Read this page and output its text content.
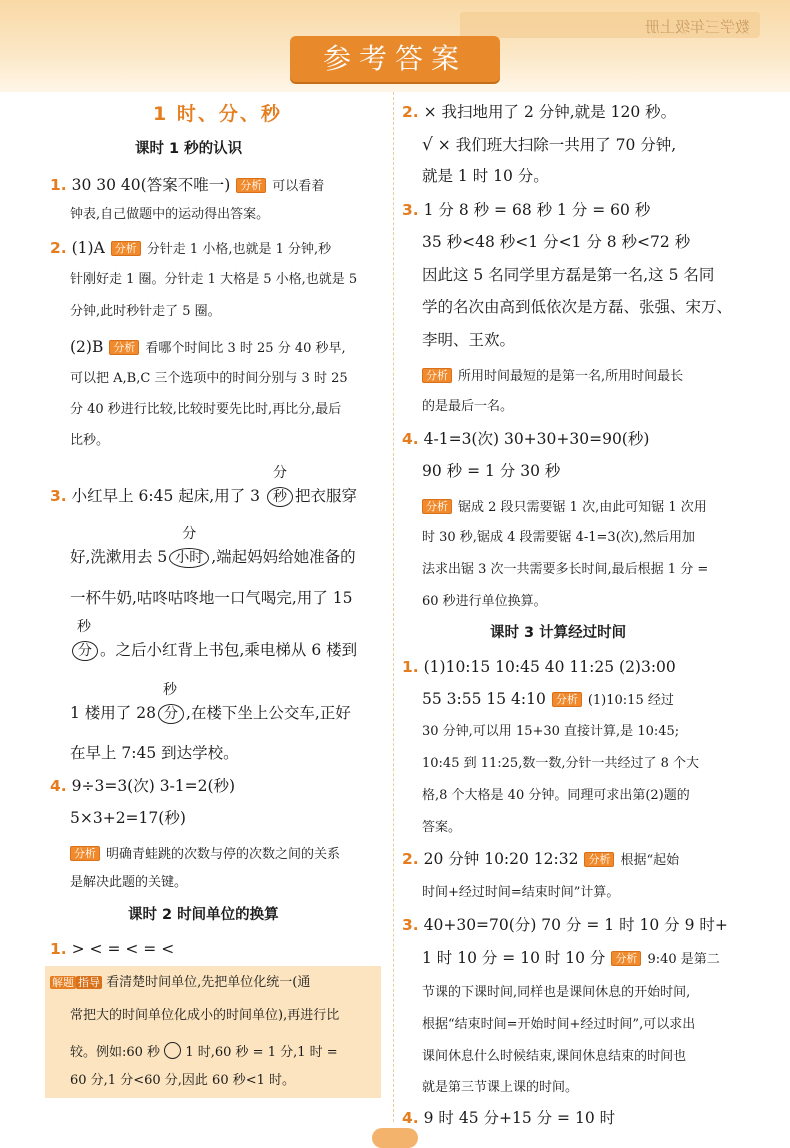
数学三年级上册
参考答案
1 时、分、秒
课时 1 秒的认识
1. 30 30 40(答案不唯一) 分析 可以看着
钟表,自己做题中的运动得出答案。
2. (1)A 分析 分针走 1 小格,也就是 1 分钟,秒
针刚好走 1 圈。分针走 1 大格是 5 小格,也就是 5
分钟,此时秒针走了 5 圈。
(2)B 分析 看哪个时间比 3 时 25 分 40 秒早,
可以把 A,B,C 三个选项中的时间分别与 3 时 25
分 40 秒进行比较,比较时要先比时,再比分,最后
比秒。
3. 小红早上 6:45 起床,用了 3
分
秒 把衣服穿
好,洗漱用去 5
分
小时 ,端起妈妈给她准备的
一杯牛奶,咕咚咕咚地一口气喝完,用了 15
秒
分 。之后小红背上书包,乘电梯从 6 楼到
1 楼用了 28
秒
分 ,在楼下坐上公交车,正好
在早上 7:45 到达学校。
4. 9÷3=3(次) 3-1=2(秒)
5×3+2=17(秒)
分析 明确青蛙跳的次数与停的次数之间的关系
是解决此题的关键。
课时 2 时间单位的换算
1. > < = < = <
解题 指导 看清楚时间单位,先把单位化统一(通
常把大的时间单位化成小的时间单位),再进行比
较。例如:60 秒 1 时,60 秒 = 1 分,1 时 =
60 分,1 分<60 分,因此 60 秒<1 时。
2. × 我扫地用了 2 分钟,就是 120 秒。
√ × 我们班大扫除一共用了 70 分钟,
就是 1 时 10 分。
3. 1 分 8 秒 = 68 秒 1 分 = 60 秒
35 秒<48 秒<1 分<1 分 8 秒<72 秒
因此这 5 名同学里方磊是第一名,这 5 名同
学的名次由高到低依次是方磊、张强、宋万、
李明、王欢。
分析 所用时间最短的是第一名,所用时间最长
的是最后一名。
4. 4-1=3(次) 30+30+30=90(秒)
90 秒 = 1 分 30 秒
分析 锯成 2 段只需要锯 1 次,由此可知锯 1 次用
时 30 秒,锯成 4 段需要锯 4-1=3(次),然后用加
法求出锯 3 次一共需要多长时间,最后根据 1 分 =
60 秒进行单位换算。
课时 3 计算经过时间
1. (1)10:15 10:45 40 11:25 (2)3:00
55 3:55 15 4:10 分析 (1)10:15 经过
30 分钟,可以用 15+30 直接计算,是 10:45;
10:45 到 11:25,数一数,分针一共经过了 8 个大
格,8 个大格是 40 分钟。同理可求出第(2)题的
答案。
2. 20 分钟 10:20 12:32 分析 根据“起始
时间+经过时间=结束时间”计算。
3. 40+30=70(分) 70 分 = 1 时 10 分 9 时+
1 时 10 分 = 10 时 10 分 分析 9:40 是第二
节课的下课时间,同样也是课间休息的开始时间,
根据“结束时间=开始时间+经过时间”,可以求出
课间休息什么时候结束,课间休息结束的时间也
就是第三节课上课的时间。
4. 9 时 45 分+15 分 = 10 时
